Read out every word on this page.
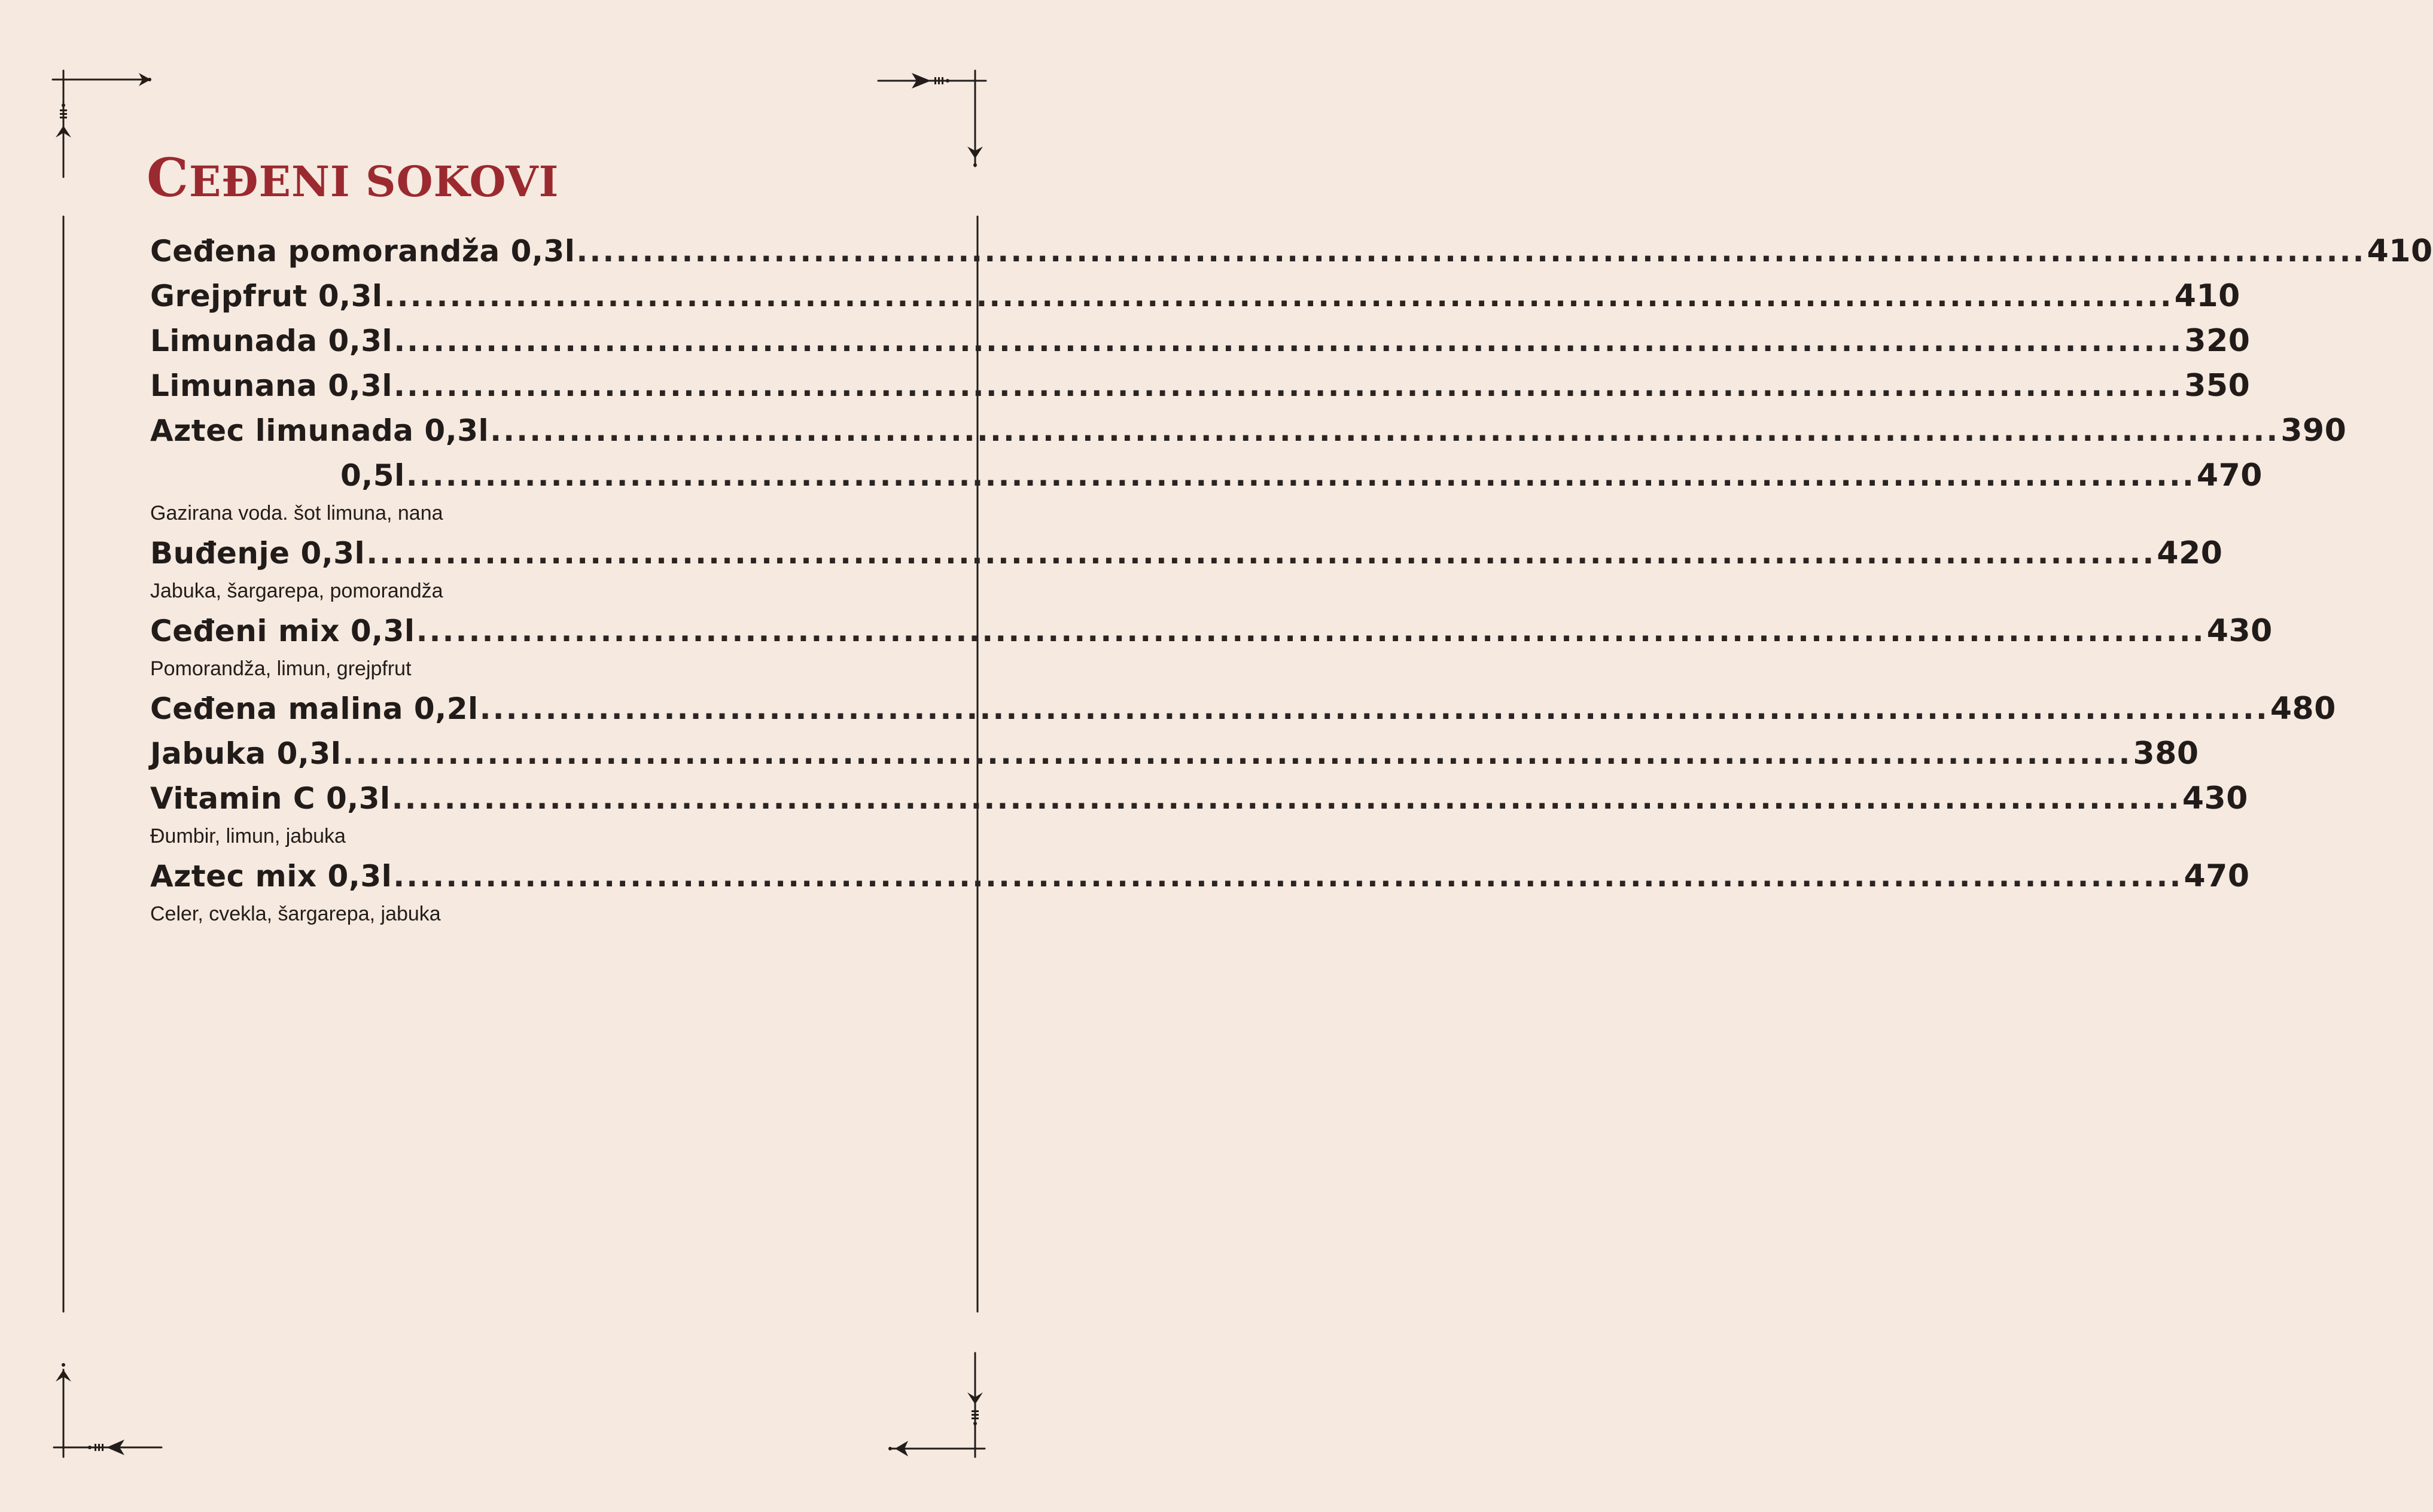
CEĐENI SOKOVI
Ceđena pomorandža 0,3l ........................................................................................................................................ 410
Grejpfrut 0,3l ........................................................................................................................................ 410
Limunada 0,3l ........................................................................................................................................ 320
Limunana 0,3l ........................................................................................................................................ 350
Aztec limunada 0,3l ........................................................................................................................................ 390
0,5l ........................................................................................................................................ 470
Gazirana voda. šot limuna, nana
Buđenje 0,3l ........................................................................................................................................ 420
Jabuka, šargarepa, pomorandža
Ceđeni mix 0,3l ........................................................................................................................................ 430
Pomorandža, limun, grejpfrut
Ceđena malina 0,2l ........................................................................................................................................ 480
Jabuka 0,3l ........................................................................................................................................ 380
Vitamin C 0,3l ........................................................................................................................................ 430
Đumbir, limun, jabuka
Aztec mix 0,3l ........................................................................................................................................ 470
Celer, cvekla, šargarepa, jabuka
